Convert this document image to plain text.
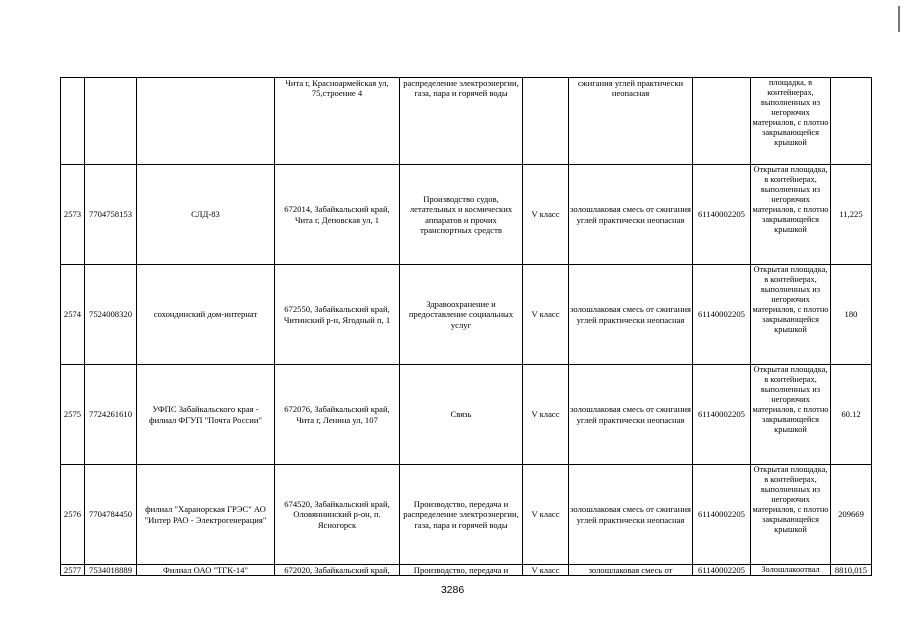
			Чита г, Красноармейская ул, 75,строение 4	распределение электроэнергии, газа, пара и горячей воды		сжигания углей практически неопасная		площадка, в контейнерах, выполненных из негорючих материалов, с плотно закрывающейся крышкой	
2573	7704758153	СЛД-83	672014, Забайкальский край, Чита г, Деповская ул, 1	Производство судов, летательных и космических аппаратов и прочих транспортных средств	V класс	золошлаковая смесь от сжигания углей практически неопасная	61140002205	Открытая площадка, в контейнерах, выполненных из негорючих материалов, с плотно закрывающейся крышкой	11,225
2574	7524008320	сохондинский дом-интернат	672550, Забайкальский край, Читинский р-н, Ягодный п, 1	Здравоохранение и предоставление социальных услуг	V класс	золошлаковая смесь от сжигания углей практически неопасная	61140002205	Открытая площадка, в контейнерах, выполненных из негорючих материалов, с плотно закрывающейся крышкой	180
2575	7724261610	УФПС Забайкальского края - филиал ФГУП "Почта России"	672076, Забайкальский край, Чита г, Ленина ул, 107	Связь	V класс	золошлаковая смесь от сжигания углей практически неопасная	61140002205	Открытая площадка, в контейнерах, выполненных из негорючих материалов, с плотно закрывающейся крышкой	60.12
2576	7704784450	филиал "Харанорская ГРЭС" АО "Интер РАО - Электрогенерация"	674520, Забайкальский край, Оловяннинский р-он, п. Ясногорск	Производство, передача и распределение электроэнергии, газа, пара и горячей воды	V класс	золошлаковая смесь от сжигания углей практически неопасная	61140002205	Открытая площадка, в контейнерах, выполненных из негорючих материалов, с плотно закрывающейся крышкой	209669
2577	7534018889	Филиал ОАО "ТГК-14"	672020, Забайкальский край,	Производство, передача и	V класс	золошлаковая смесь от	61140002205	Золошлакоотвал	8810,015
3286
